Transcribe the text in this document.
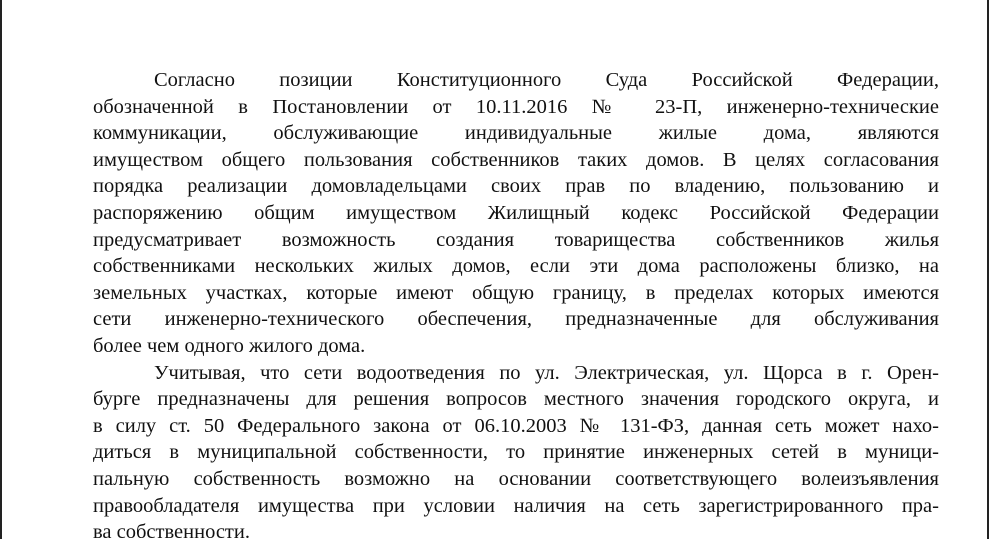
Согласно позиции Конституционного Суда Российской Федерации,
обозначенной в Постановлении от 10.11.2016 № 23-П, инженерно-технические
коммуникации, обслуживающие индивидуальные жилые дома, являются
имуществом общего пользования собственников таких домов. В целях согласования
порядка реализации домовладельцами своих прав по владению, пользованию и
распоряжению общим имуществом Жилищный кодекс Российской Федерации
предусматривает возможность создания товарищества собственников жилья
собственниками нескольких жилых домов, если эти дома расположены близко, на
земельных участках, которые имеют общую границу, в пределах которых имеются
сети инженерно-технического обеспечения, предназначенные для обслуживания
более чем одного жилого дома.
Учитывая, что сети водоотведения по ул. Электрическая, ул. Щорса в г. Орен-
бурге предназначены для решения вопросов местного значения городского округа, и
в силу ст. 50 Федерального закона от 06.10.2003 № 131-ФЗ, данная сеть может нахо-
диться в муниципальной собственности, то принятие инженерных сетей в муници-
пальную собственность возможно на основании соответствующего волеизъявления
правообладателя имущества при условии наличия на сеть зарегистрированного пра-
ва собственности.
